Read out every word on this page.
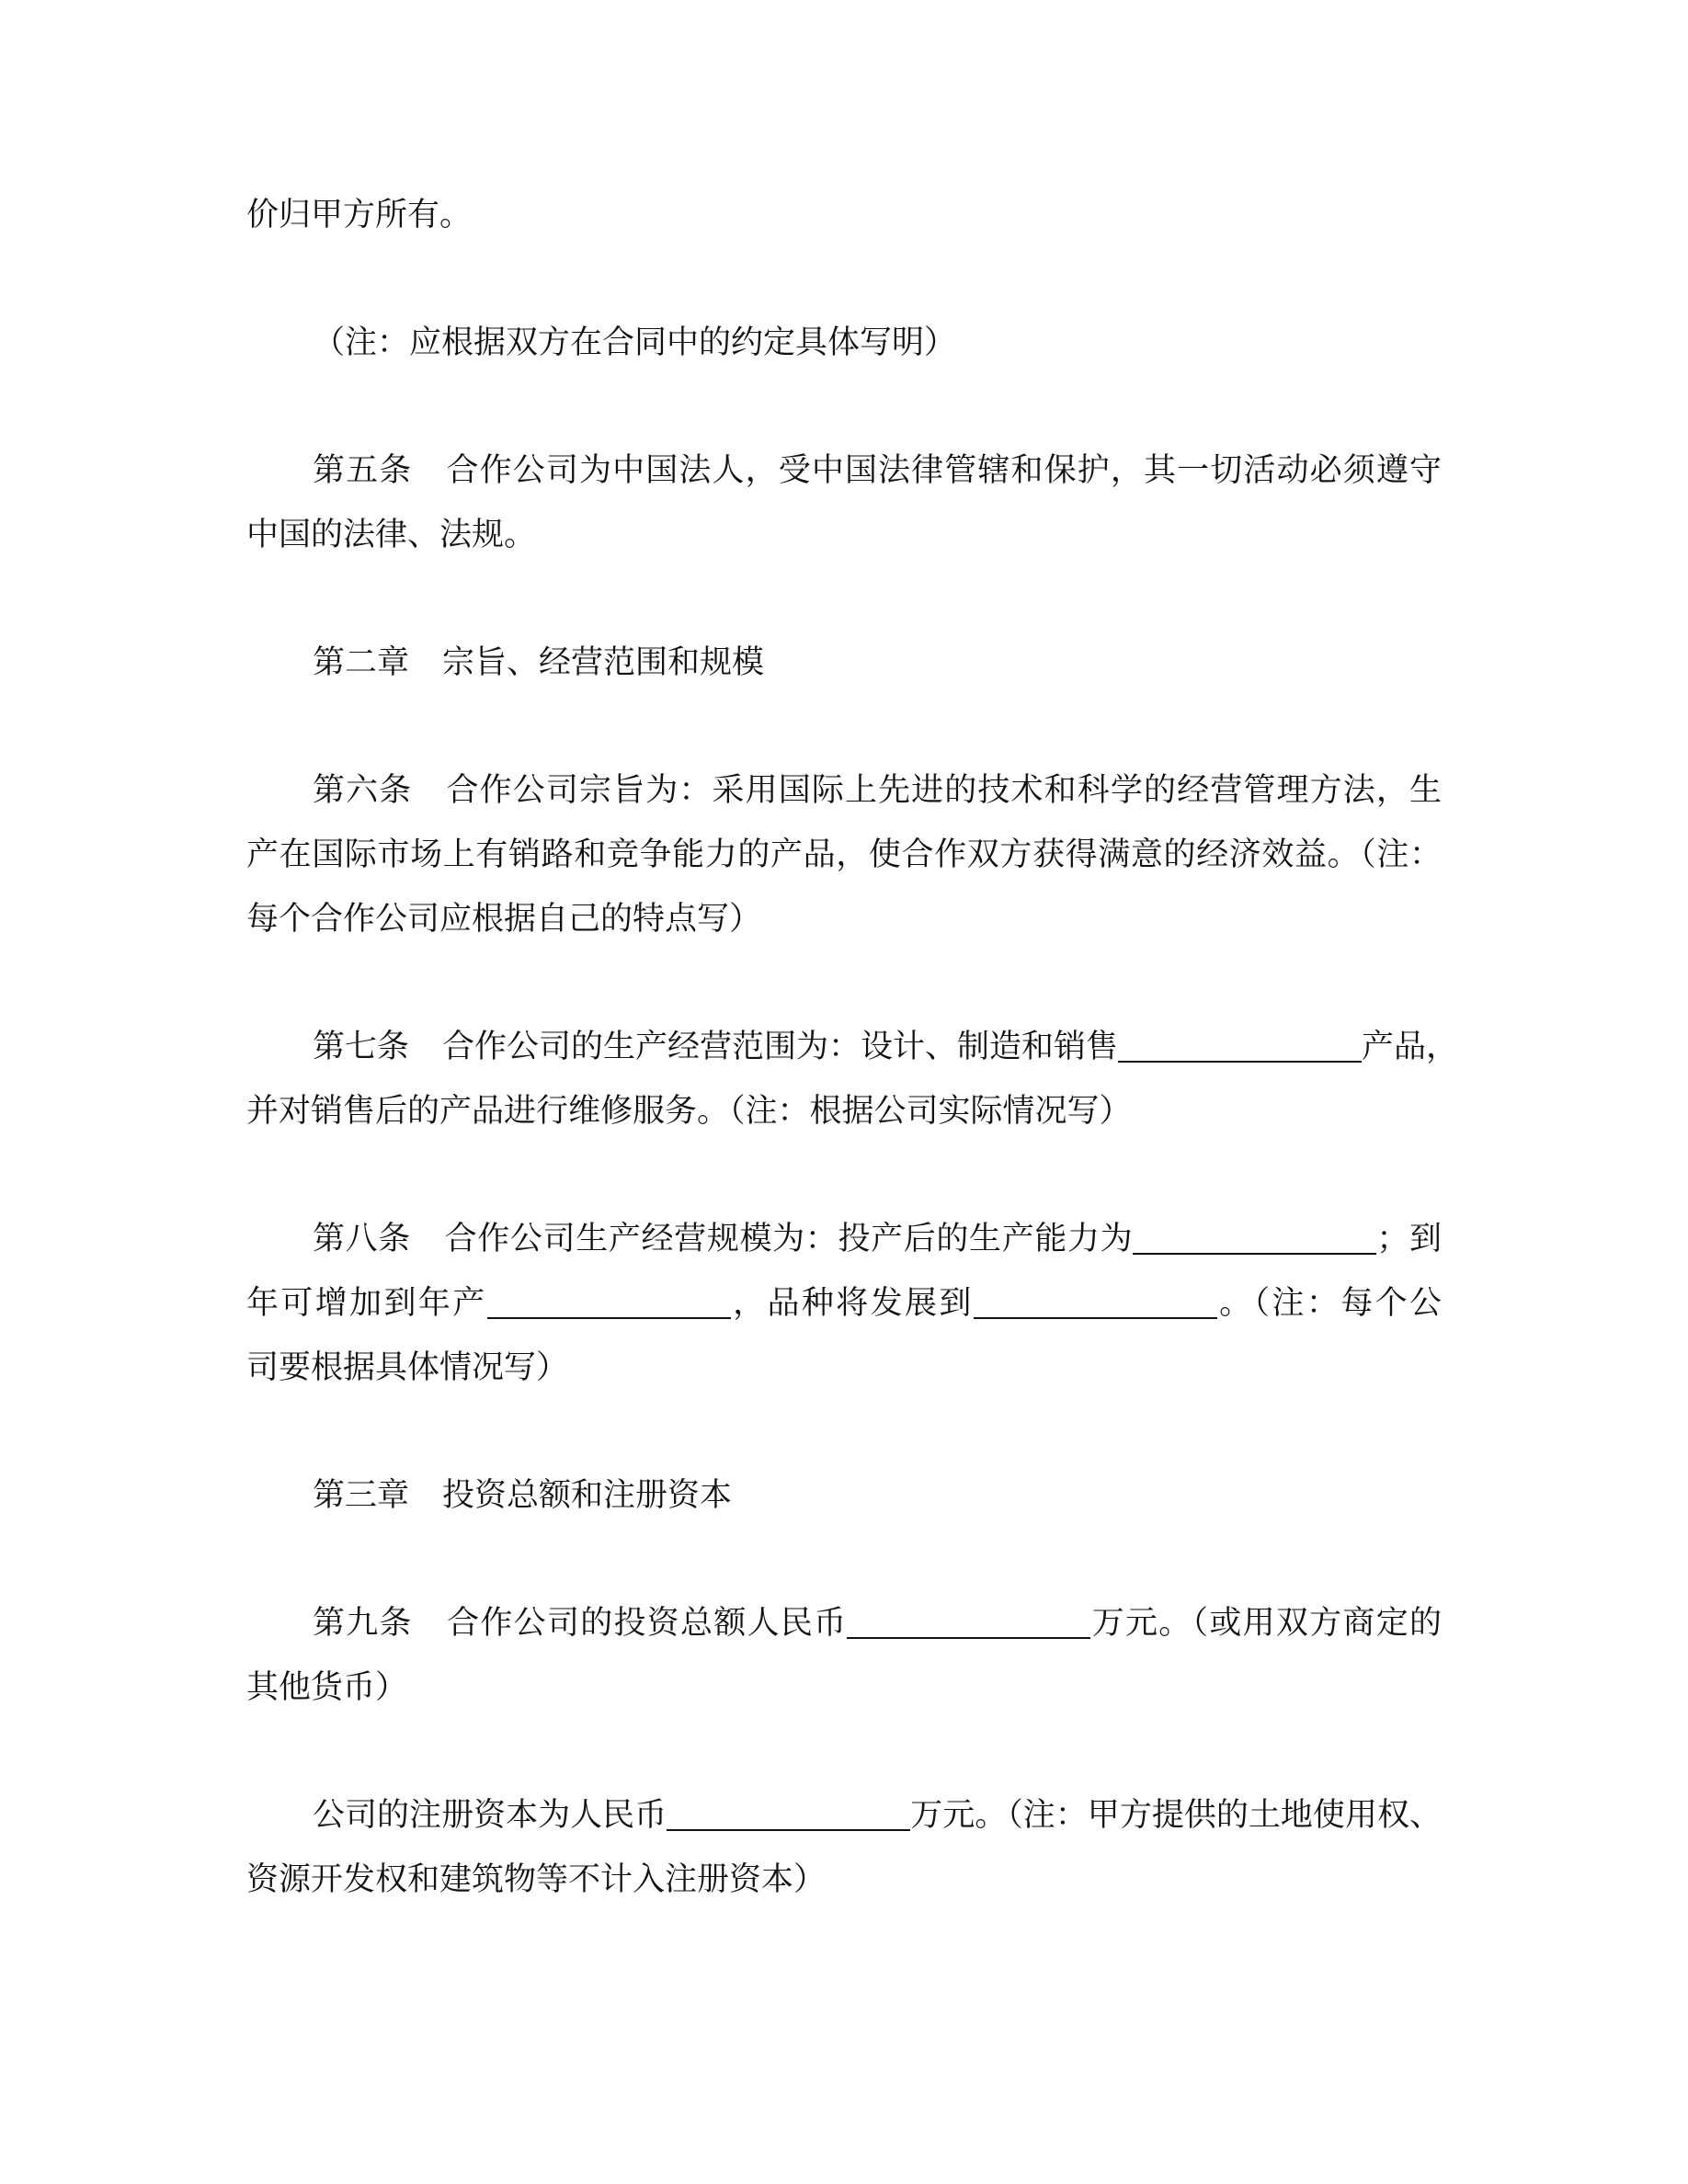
价归甲方所有。
（注：应根据双方在合同中的约定具体写明）
第五条 合作公司为中国法人，受中国法律管辖和保护，其一切活动必须遵守
中国的法律、法规。
第二章 宗旨、经营范围和规模
第六条 合作公司宗旨为：采用国际上先进的技术和科学的经营管理方法，生
产在国际市场上有销路和竞争能力的产品，使合作双方获得满意的经济效益。（注：
每个合作公司应根据自己的特点写）
第七条 合作公司的生产经营范围为：设计、制造和销售	产品，
并对销售后的产品进行维修服务。（注：根据公司实际情况写）
第八条 合作公司生产经营规模为：投产后的生产能力为	；到
年可增加到年产	，品种将发展到	。（注：每个公
司要根据具体情况写）
第三章 投资总额和注册资本
第九条 合作公司的投资总额人民币	万元。（或用双方商定的
其他货币）
公司的注册资本为人民币	万元。（注：甲方提供的土地使用权、
资源开发权和建筑物等不计入注册资本）
